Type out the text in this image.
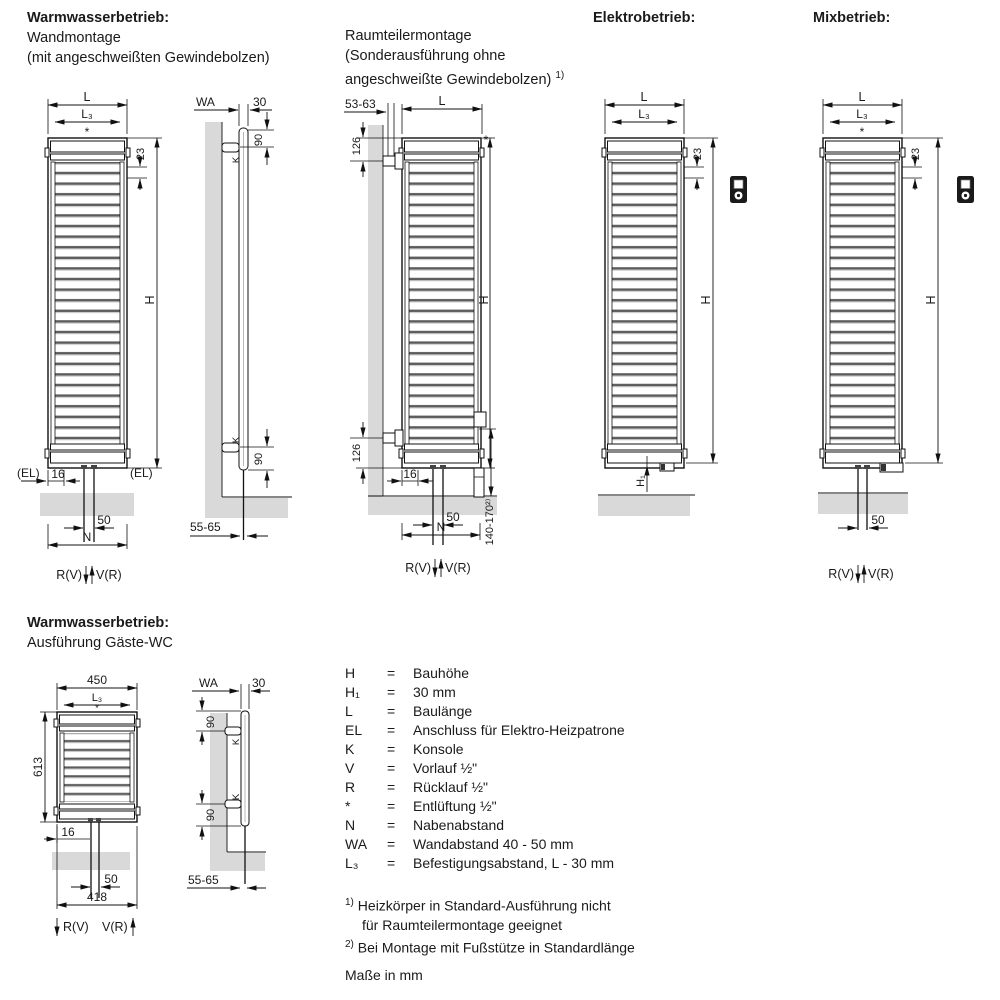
L
L₃
*
23
H
(EL)	(EL)
16
50
N
R(V) V(R)
WA	30
K
90
K
90
55-65
53-63	L
126
126
H
*
16
50
N	140-170²⁾
R(V) V(R)
L
L₃
23
H
H₁
L
L₃
*
23
H
50
R(V) V(R)
450
L₃
*
613
16
50
418
R(V) V(R)
WA	30
90
K
90
K
55-65
Warmwasserbetrieb:
Wandmontage
(mit angeschweißten Gewindebolzen)
Raumteilermontage
(Sonderausführung ohne
angeschweißte Gewindebolzen) $^{1)}$
Elektrobetrieb:	Mixbetrieb:
Warmwasserbetrieb:
Ausführung Gäste-WC
H	=	Bauhöhe
H₁	=	30 mm
L	=	Baulänge
EL	=	Anschluss für Elektro-Heizpatrone
K	=	Konsole
V	=	Vorlauf ½"
R	=	Rücklauf ½"
*	=	Entlüftung ½"
N	=	Nabenabstand
WA	=	Wandabstand 40 - 50 mm
L₃	=	Befestigungsabstand, L - 30 mm
$^{1)}$ Heizkörper in Standard-Ausführung nicht
für Raumteilermontage geeignet
$^{2)}$ Bei Montage mit Fußstütze in Standardlänge
Maße in mm
